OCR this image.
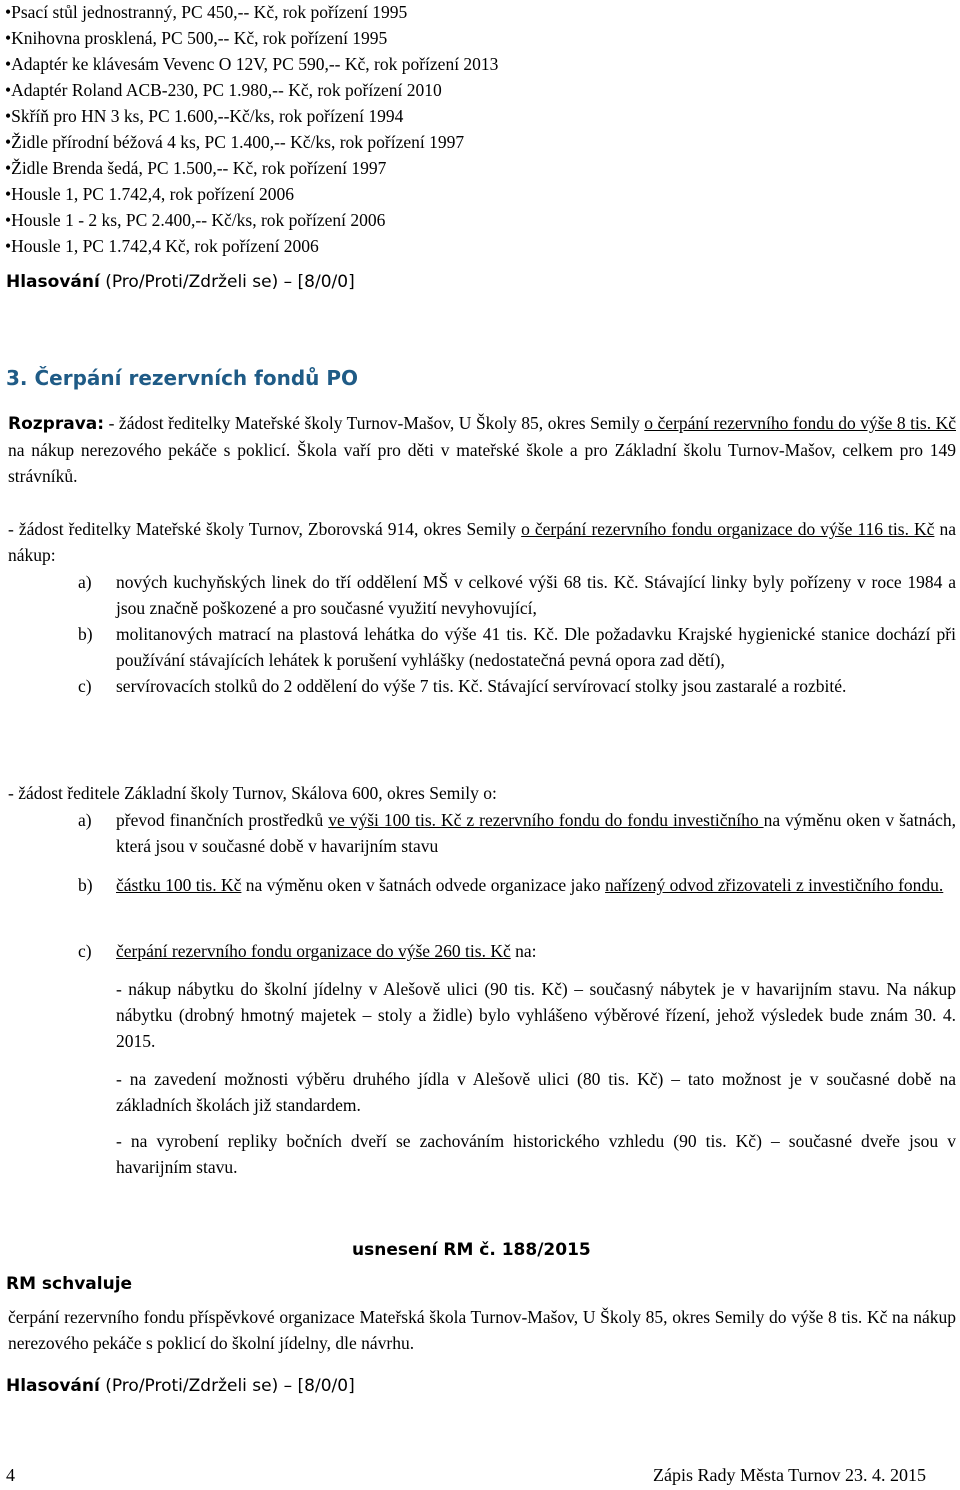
•Psací stůl jednostranný, PC 450,-- Kč, rok pořízení 1995
•Knihovna prosklená, PC 500,-- Kč, rok pořízení 1995
•Adaptér ke klávesám Vevenc O 12V, PC 590,-- Kč, rok pořízení 2013
•Adaptér Roland ACB-230, PC 1.980,-- Kč, rok pořízení 2010
•Skříň pro HN 3 ks, PC 1.600,--Kč/ks, rok pořízení 1994
•Židle přírodní béžová 4 ks, PC 1.400,-- Kč/ks, rok pořízení 1997
•Židle Brenda šedá, PC 1.500,-- Kč, rok pořízení 1997
•Housle 1, PC 1.742,4, rok pořízení 2006
•Housle 1 - 2 ks, PC 2.400,-- Kč/ks, rok pořízení 2006
•Housle 1, PC 1.742,4 Kč, rok pořízení 2006
Hlasování (Pro/Proti/Zdrželi se) – [8/0/0]
3. Čerpání rezervních fondů PO

Rozprava: - žádost ředitelky Mateřské školy Turnov-Mašov, U Školy 85, okres Semily o čerpání rezervního fondu do výše 8 tis. Kč na nákup nerezového pekáče s poklicí. Škola vaří pro děti v mateřské škole a pro Základní školu Turnov-Mašov, celkem pro 149 strávníků.

- žádost ředitelky Mateřské školy Turnov, Zborovská 914, okres Semily o čerpání rezervního fondu organizace do výše 116 tis. Kč na nákup:

a) nových kuchyňských linek do tří oddělení MŠ v celkové výši 68 tis. Kč. Stávající linky byly pořízeny v roce 1984 a jsou značně poškozené a pro současné využití nevyhovující,
b) molitanových matrací na plastová lehátka do výše 41 tis. Kč. Dle požadavku Krajské hygienické stanice dochází při používání stávajících lehátek k porušení vyhlášky (nedostatečná pevná opora zad dětí),
c) servírovacích stolků do 2 oddělení do výše 7 tis. Kč. Stávající servírovací stolky jsou zastaralé a rozbité.

- žádost ředitele Základní školy Turnov, Skálova 600, okres Semily o:

a) převod finančních prostředků ve výši 100 tis. Kč z rezervního fondu do fondu investičního na výměnu oken v šatnách, která jsou v současné době v havarijním stavu
b) částku 100 tis. Kč na výměnu oken v šatnách odvede organizace jako nařízený odvod zřizovateli z investičního fondu.
c) čerpání rezervního fondu organizace do výše 260 tis. Kč na:
- nákup nábytku do školní jídelny v Alešově ulici (90 tis. Kč) – současný nábytek je v havarijním stavu. Na nákup nábytku (drobný hmotný majetek – stoly a židle) bylo vyhlášeno výběrové řízení, jehož výsledek bude znám 30. 4. 2015.
- na zavedení možnosti výběru druhého jídla v Alešově ulici (80 tis. Kč) – tato možnost je v současné době na základních školách již standardem.
- na vyrobení repliky bočních dveří se zachováním historického vzhledu (90 tis. Kč) – současné dveře jsou v havarijním stavu.
usnesení RM č. 188/2015
RM schvaluje

čerpání rezervního fondu příspěvkové organizace Mateřská škola Turnov-Mašov, U Školy 85, okres Semily do výše 8 tis. Kč na nákup nerezového pekáče s poklicí do školní jídelny, dle návrhu.

Hlasování (Pro/Proti/Zdrželi se) – [8/0/0]
4	Zápis Rady Města Turnov 23. 4. 2015
